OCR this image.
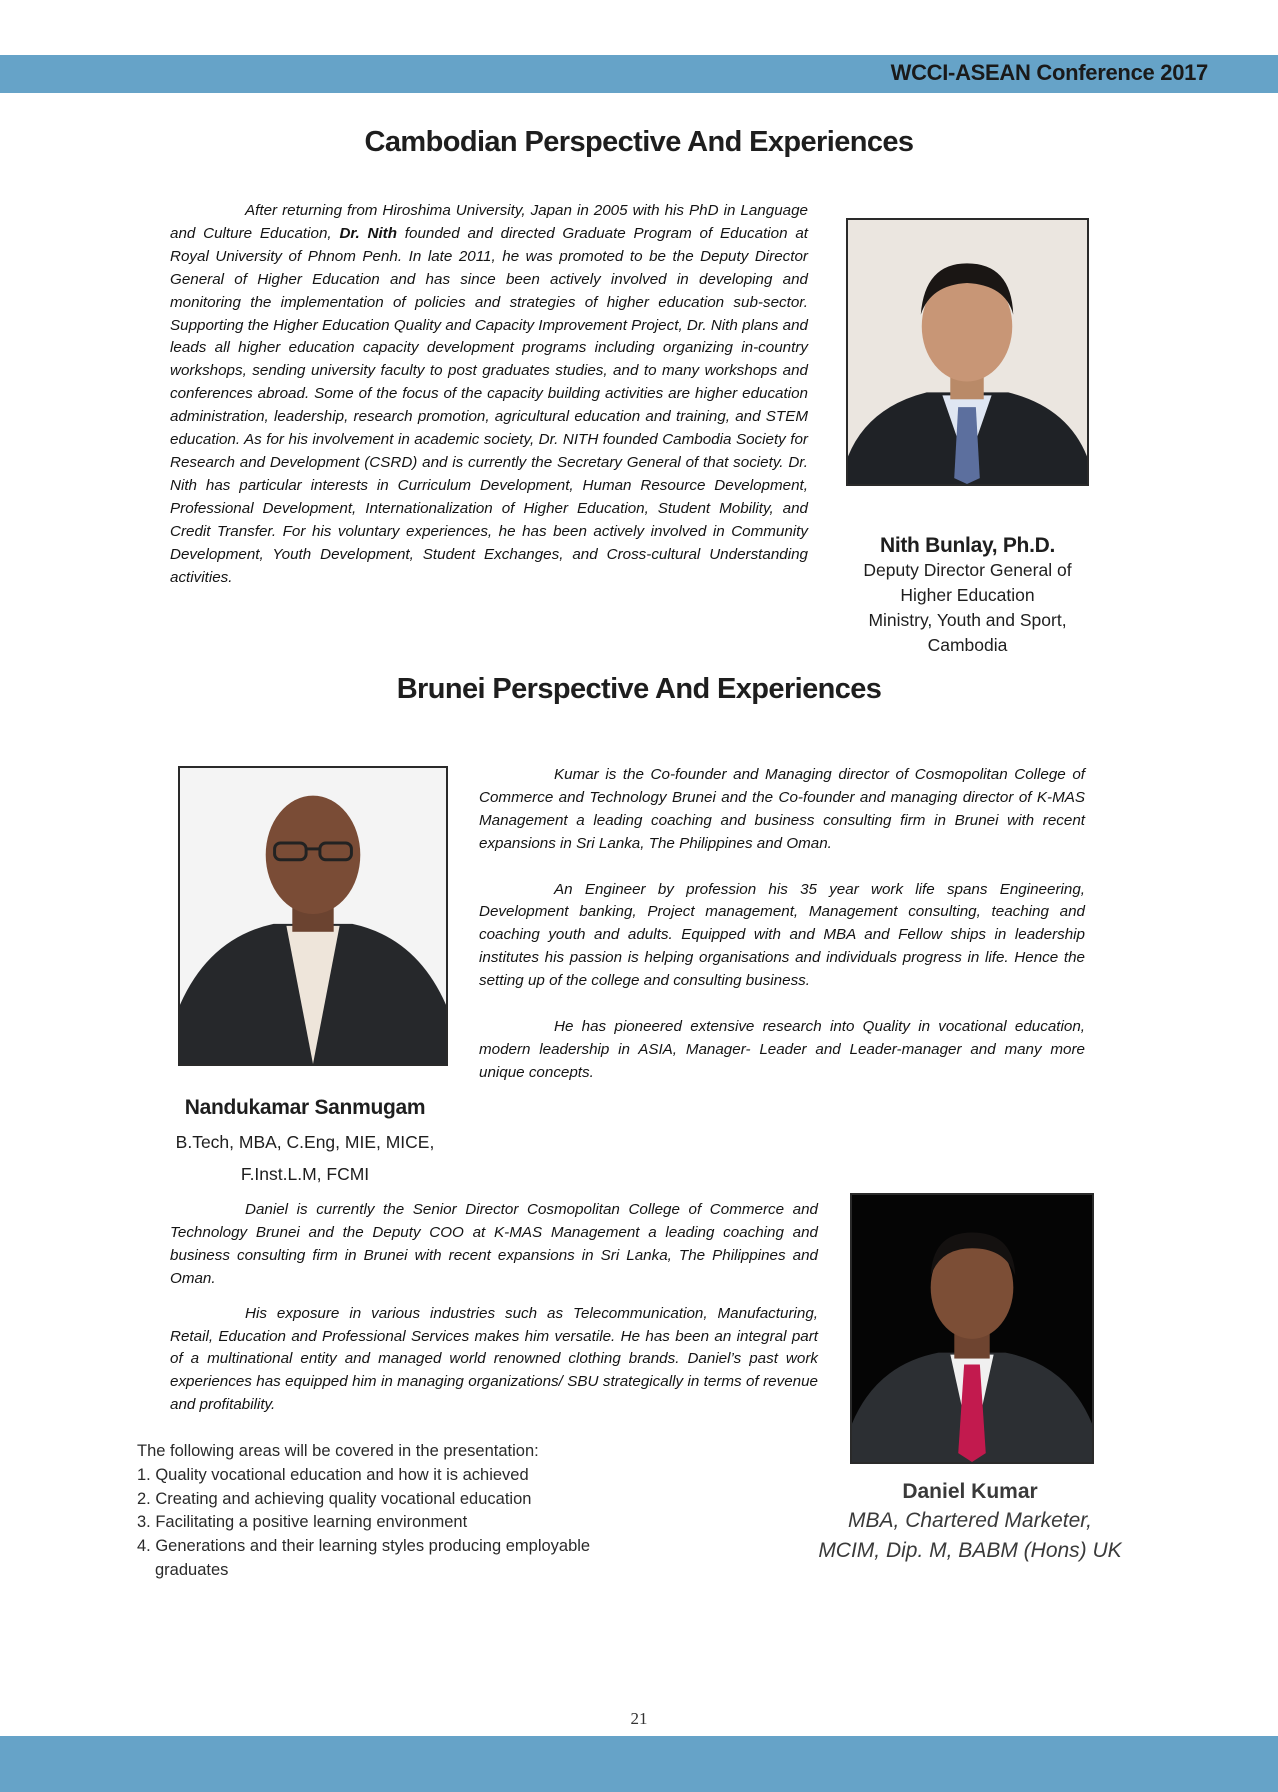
WCCI-ASEAN Conference 2017
Cambodian Perspective And Experiences

After returning from Hiroshima University, Japan in 2005 with his PhD in Language and Culture Education, Dr. Nith founded and directed Graduate Program of Education at Royal University of Phnom Penh. In late 2011, he was promoted to be the Deputy Director General of Higher Education and has since been actively involved in developing and monitoring the implementation of policies and strategies of higher education sub-sector. Supporting the Higher Education Quality and Capacity Improvement Project, Dr. Nith plans and leads all higher education capacity development programs including organizing in-country workshops, sending university faculty to post graduates studies, and to many workshops and conferences abroad. Some of the focus of the capacity building activities are higher education administration, leadership, research promotion, agricultural education and training, and STEM education. As for his involvement in academic society, Dr. NITH founded Cambodia Society for Research and Development (CSRD) and is currently the Secretary General of that society. Dr. Nith has particular interests in Curriculum Development, Human Resource Development, Professional Development, Internationalization of Higher Education, Student Mobility, and Credit Transfer. For his voluntary experiences, he has been actively involved in Community Development, Youth Development, Student Exchanges, and Cross-cultural Understanding activities.

Nith Bunlay, Ph.D.
Deputy Director General of
Higher Education
Ministry, Youth and Sport,
Cambodia
Brunei Perspective And Experiences

Kumar is the Co-founder and Managing director of Cosmopolitan College of Commerce and Technology Brunei and the Co-founder and managing director of K-MAS Management a leading coaching and business consulting firm in Brunei with recent expansions in Sri Lanka, The Philippines and Oman.

An Engineer by profession his 35 year work life spans Engineering, Development banking, Project management, Management consulting, teaching and coaching youth and adults. Equipped with and MBA and Fellow ships in leadership institutes his passion is helping organisations and individuals progress in life. Hence the setting up of the college and consulting business.

He has pioneered extensive research into Quality in vocational education, modern leadership in ASIA, Manager- Leader and Leader-manager and many more unique concepts.

Nandukamar Sanmugam
B.Tech, MBA, C.Eng, MIE, MICE,
F.Inst.L.M, FCMI

Daniel is currently the Senior Director Cosmopolitan College of Commerce and Technology Brunei and the Deputy COO at K-MAS Management a leading coaching and business consulting firm in Brunei with recent expansions in Sri Lanka, The Philippines and Oman.

His exposure in various industries such as Telecommunication, Manufacturing, Retail, Education and Professional Services makes him versatile. He has been an integral part of a multinational entity and managed world renowned clothing brands. Daniel’s past work experiences has equipped him in managing organizations/ SBU strategically in terms of revenue and profitability.

The following areas will be covered in the presentation:
1. Quality vocational education and how it is achieved
2. Creating and achieving quality vocational education
3. Facilitating a positive learning environment
4. Generations and their learning styles producing employable
graduates
Daniel Kumar
MBA, Chartered Marketer,
MCIM, Dip. M, BABM (Hons) UK
21
